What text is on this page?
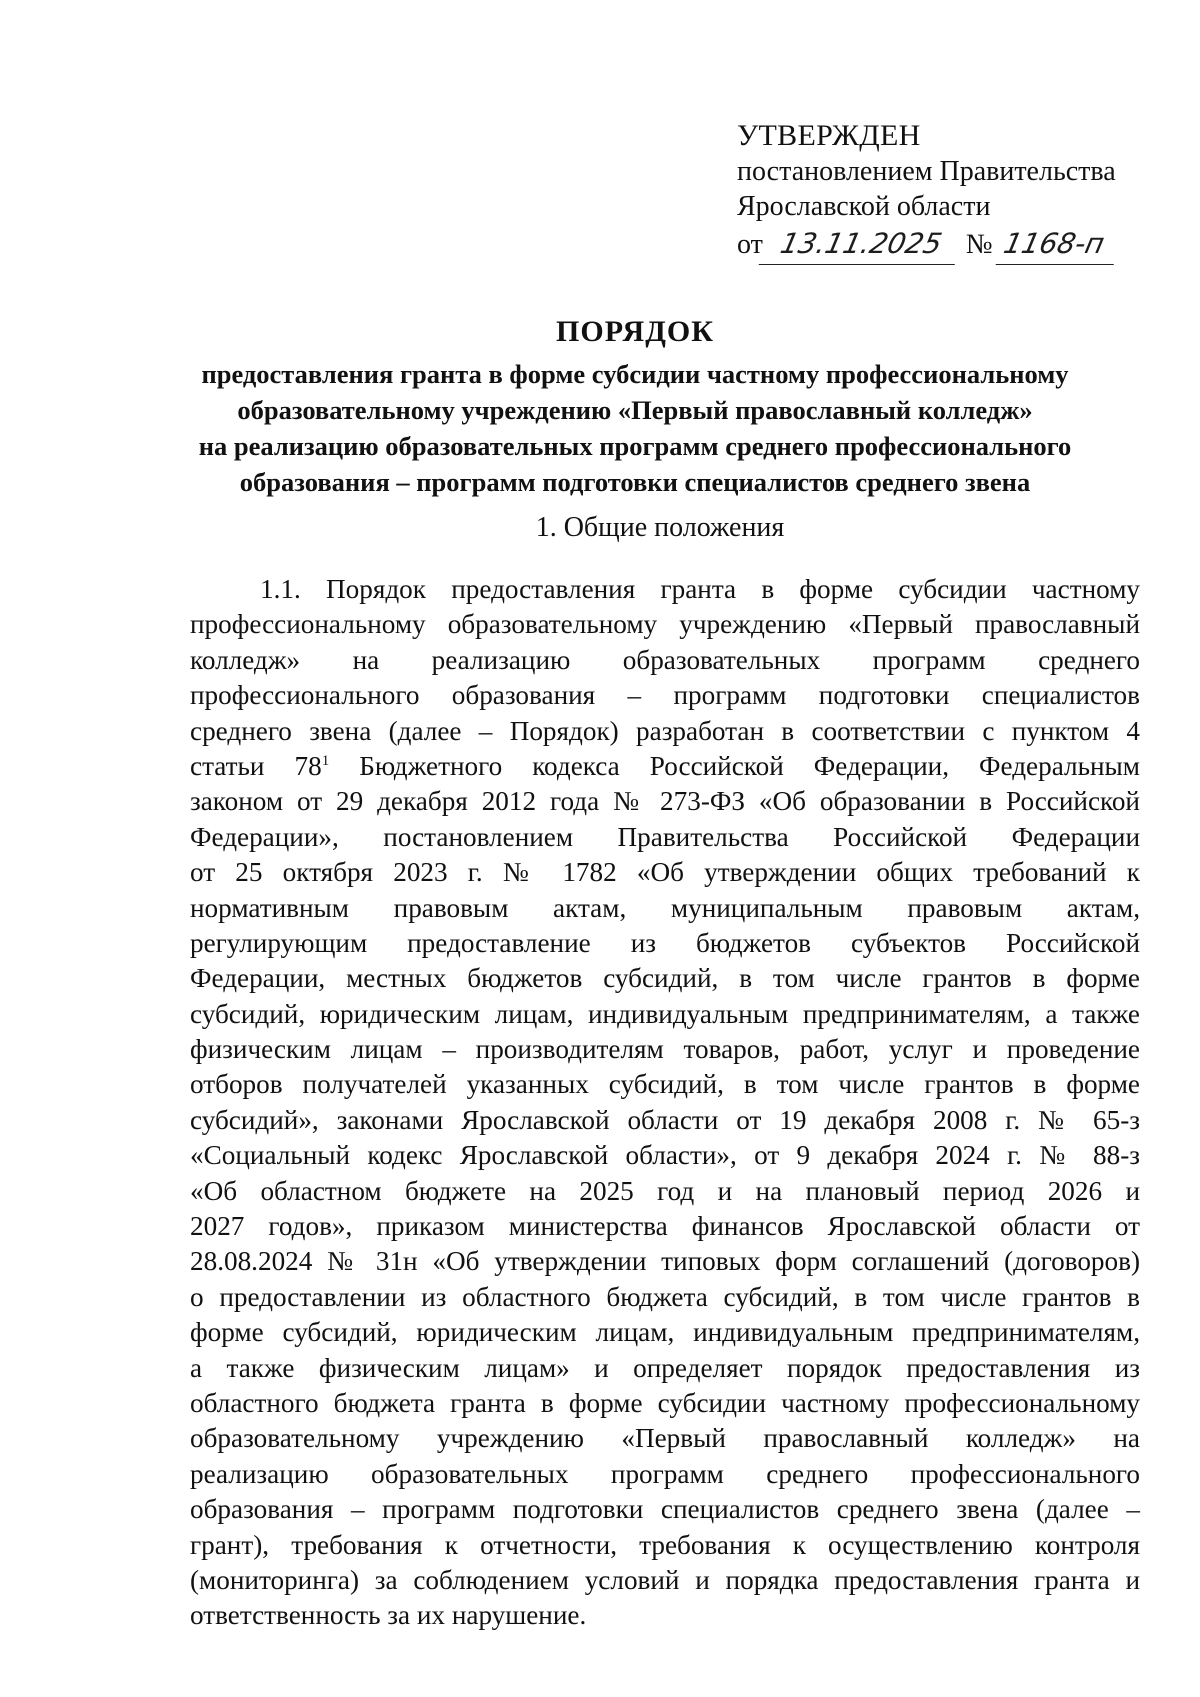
УТВЕРЖДЕН
постановлением Правительства
Ярославской области
от 13.11.2025 № 1168-п
ПОРЯДОК
предоставления гранта в форме субсидии частному профессиональному
образовательному учреждению «Первый православный колледж»
на реализацию образовательных программ среднего профессионального
образования – программ подготовки специалистов среднего звена
1. Общие положения
1.1. Порядок предоставления гранта в форме субсидии частному
профессиональному образовательному учреждению «Первый православный
колледж» на реализацию образовательных программ среднего
профессионального образования – программ подготовки специалистов
среднего звена (далее – Порядок) разработан в соответствии с пунктом 4
статьи $78^1$ Бюджетного кодекса Российской Федерации, Федеральным
законом от 29 декабря 2012 года № 273-ФЗ «Об образовании в Российской
Федерации», постановлением Правительства Российской Федерации
от 25 октября 2023 г. № 1782 «Об утверждении общих требований к
нормативным правовым актам, муниципальным правовым актам,
регулирующим предоставление из бюджетов субъектов Российской
Федерации, местных бюджетов субсидий, в том числе грантов в форме
субсидий, юридическим лицам, индивидуальным предпринимателям, а также
физическим лицам – производителям товаров, работ, услуг и проведение
отборов получателей указанных субсидий, в том числе грантов в форме
субсидий», законами Ярославской области от 19 декабря 2008 г. № 65-з
«Социальный кодекс Ярославской области», от 9 декабря 2024 г. № 88-з
«Об областном бюджете на 2025 год и на плановый период 2026 и
2027 годов», приказом министерства финансов Ярославской области от
28.08.2024 № 31н «Об утверждении типовых форм соглашений (договоров)
о предоставлении из областного бюджета субсидий, в том числе грантов в
форме субсидий, юридическим лицам, индивидуальным предпринимателям,
а также физическим лицам» и определяет порядок предоставления из
областного бюджета гранта в форме субсидии частному профессиональному
образовательному учреждению «Первый православный колледж» на
реализацию образовательных программ среднего профессионального
образования – программ подготовки специалистов среднего звена (далее –
грант), требования к отчетности, требования к осуществлению контроля
(мониторинга) за соблюдением условий и порядка предоставления гранта и
ответственность за их нарушение.
